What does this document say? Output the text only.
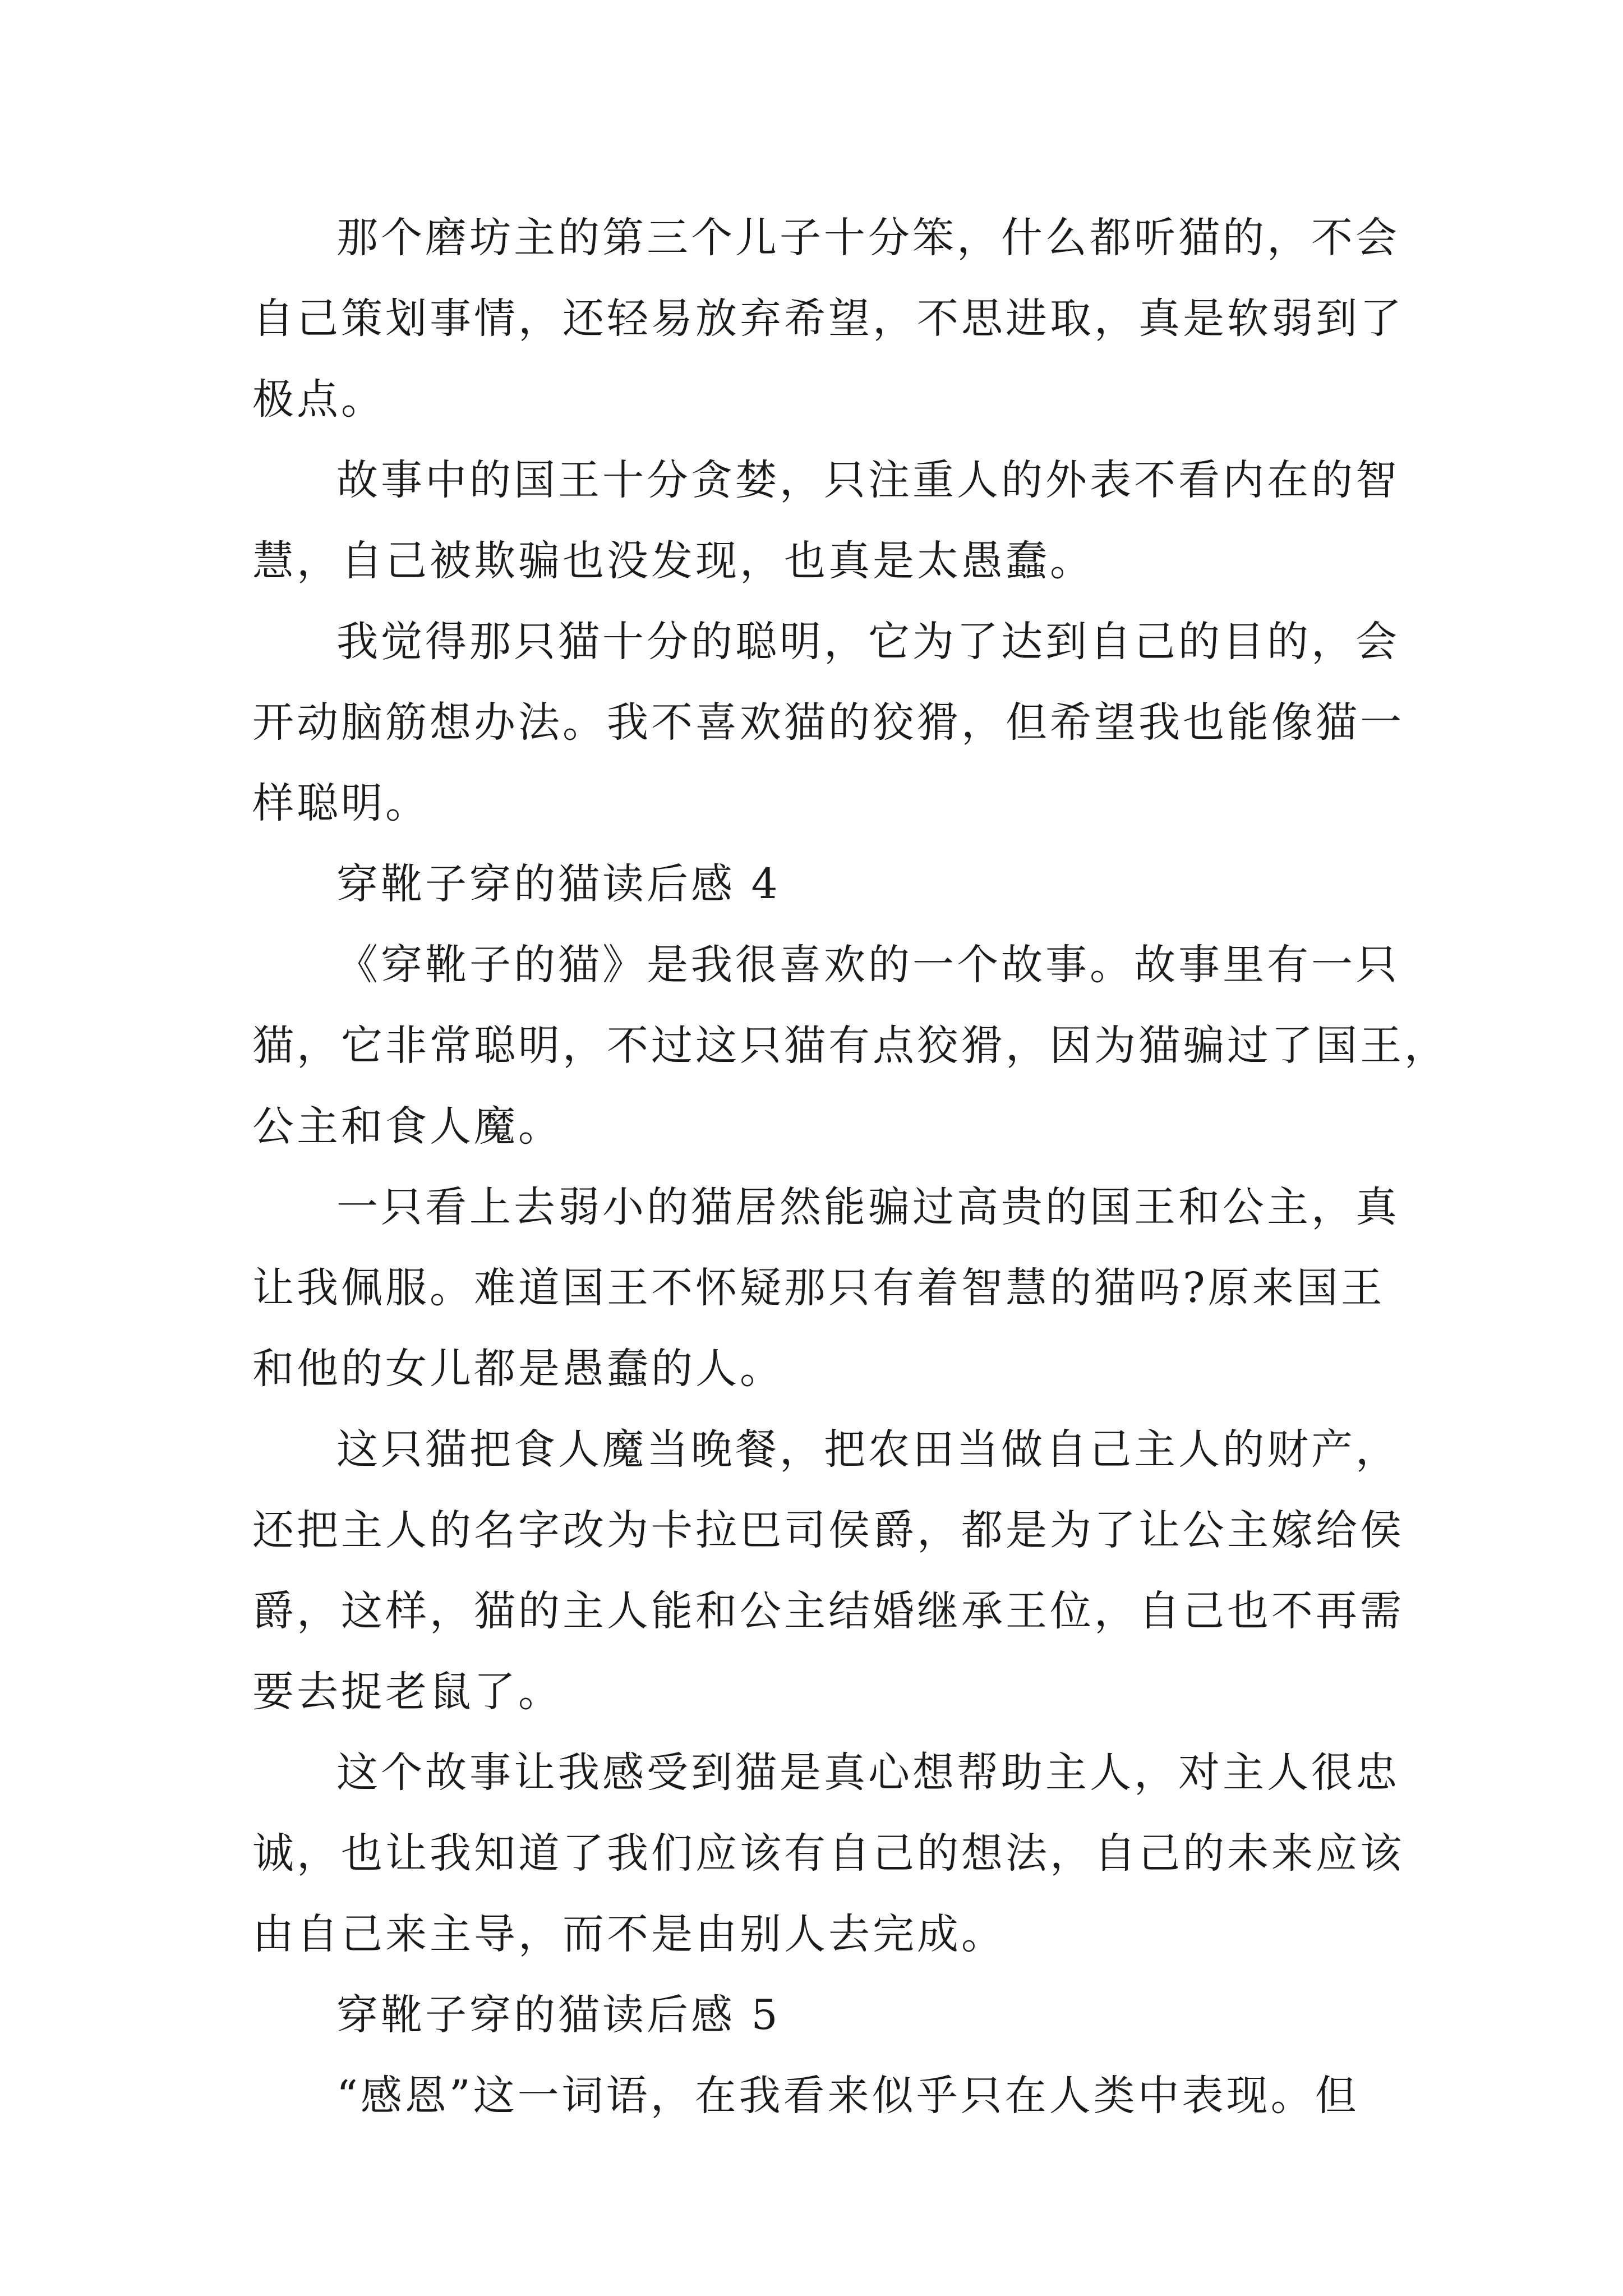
那个磨坊主的第三个儿子十分笨，什么都听猫的，不会
自己策划事情，还轻易放弃希望，不思进取，真是软弱到了
极点。

故事中的国王十分贪婪，只注重人的外表不看内在的智
慧，自己被欺骗也没发现，也真是太愚蠢。

我觉得那只猫十分的聪明，它为了达到自己的目的，会
开动脑筋想办法。我不喜欢猫的狡猾，但希望我也能像猫一
样聪明。

穿靴子穿的猫读后感 4

《穿靴子的猫》是我很喜欢的一个故事。故事里有一只
猫，它非常聪明，不过这只猫有点狡猾，因为猫骗过了国王，
公主和食人魔。

一只看上去弱小的猫居然能骗过高贵的国王和公主，真
让我佩服。难道国王不怀疑那只有着智慧的猫吗?原来国王
和他的女儿都是愚蠢的人。

这只猫把食人魔当晚餐，把农田当做自己主人的财产，
还把主人的名字改为卡拉巴司侯爵，都是为了让公主嫁给侯
爵，这样，猫的主人能和公主结婚继承王位，自己也不再需
要去捉老鼠了。

这个故事让我感受到猫是真心想帮助主人，对主人很忠
诚，也让我知道了我们应该有自己的想法，自己的未来应该
由自己来主导，而不是由别人去完成。

穿靴子穿的猫读后感 5

“感恩”这一词语，在我看来似乎只在人类中表现。但
